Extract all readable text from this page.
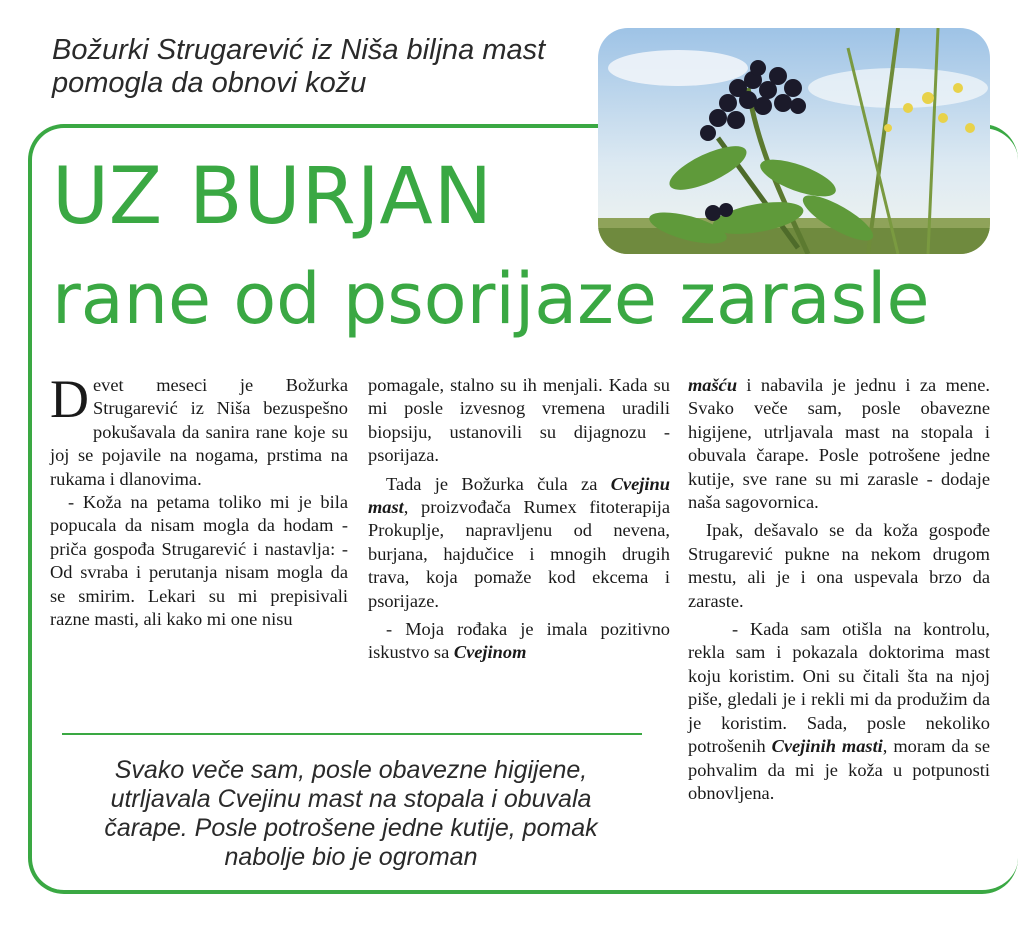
Božurki Strugarević iz Niša biljna mast pomogla da obnovi kožu
UZ BURJAN
rane od psorijaze zarasle

Devet meseci je Božurka Strugarević iz Niša bezuspešno pokušavala da sanira rane koje su joj se pojavile na nogama, prstima na rukama i dlanovima.

- Koža na petama toliko mi je bila popucala da nisam mogla da hodam - priča gospođa Strugarević i nastavlja: - Od svraba i perutanja nisam mogla da se smirim. Lekari su mi prepisivali razne masti, ali kako mi one nisu

pomagale, stalno su ih menjali. Kada su mi posle izvesnog vremena uradili biopsiju, ustanovili su dijagnozu - psorijaza.

Tada je Božurka čula za Cvejinu mast, proizvođača Rumex fitoterapija Prokuplje, napravljenu od nevena, burjana, hajdučice i mnogih drugih trava, koja pomaže kod ekcema i psorijaze.

- Moja rođaka je imala pozitivno iskustvo sa Cvejinom

mašću i nabavila je jednu i za mene. Svako veče sam, posle obavezne higijene, utrljavala mast na stopala i obuvala čarape. Posle potrošene jedne kutije, sve rane su mi zarasle - dodaje naša sagovornica.

Ipak, dešavalo se da koža gospođe Strugarević pukne na nekom drugom mestu, ali je i ona uspevala brzo da zaraste.

- Kada sam otišla na kontrolu, rekla sam i pokazala doktorima mast koju koristim. Oni su čitali šta na njoj piše, gledali je i rekli mi da produžim da je koristim. Sada, posle nekoliko potrošenih Cvejinih masti, moram da se pohvalim da mi je koža u potpunosti obnovljena.

Svako veče sam, posle obavezne higijene, utrljavala Cvejinu mast na stopala i obuvala čarape. Posle potrošene jedne kutije, pomak nabolje bio je ogroman
